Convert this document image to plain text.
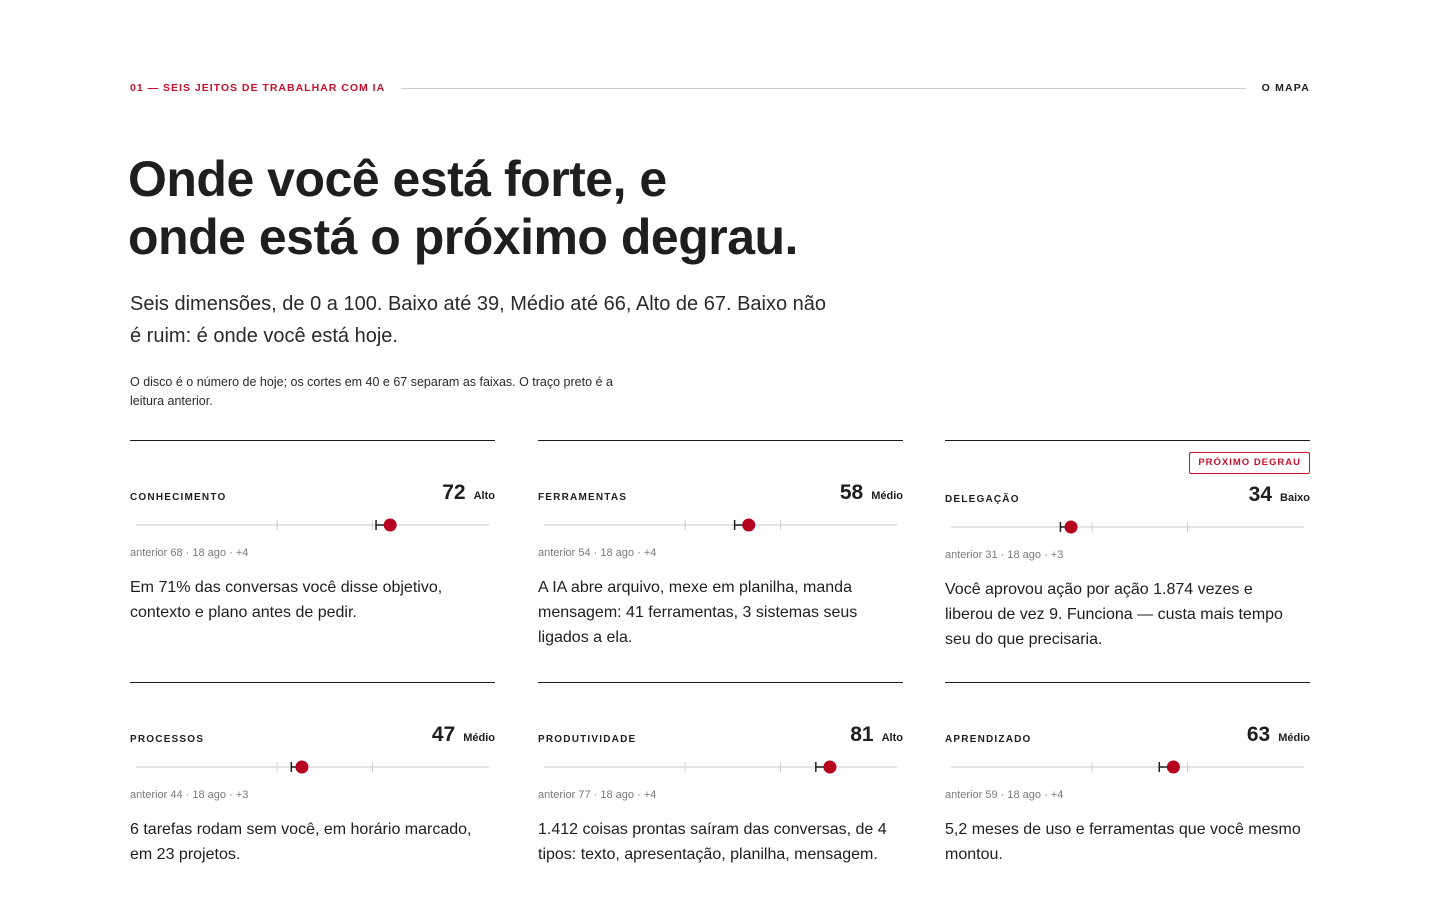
01 — SEIS JEITOS DE TRABALHAR COM IA	O MAPA
Onde você está forte, e
onde está o próximo degrau.

Seis dimensões, de 0 a 100. Baixo até 39, Médio até 66, Alto de 67. Baixo não é ruim: é onde você está hoje.

O disco é o número de hoje; os cortes em 40 e 67 separam as faixas. O traço preto é a leitura anterior.

CONHECIMENTO	72 Alto
anterior 68 · 18 ago · +4

Em 71% das conversas você disse objetivo, contexto e plano antes de pedir.

FERRAMENTAS	58 Médio
anterior 54 · 18 ago · +4

A IA abre arquivo, mexe em planilha, manda mensagem: 41 ferramentas, 3 sistemas seus ligados a ela.

PRÓXIMO DEGRAU
DELEGAÇÃO	34 Baixo
anterior 31 · 18 ago · +3

Você aprovou ação por ação 1.874 vezes e liberou de vez 9. Funciona — custa mais tempo seu do que precisaria.

PROCESSOS	47 Médio
anterior 44 · 18 ago · +3

6 tarefas rodam sem você, em horário marcado, em 23 projetos.

PRODUTIVIDADE	81 Alto
anterior 77 · 18 ago · +4

1.412 coisas prontas saíram das conversas, de 4 tipos: texto, apresentação, planilha, mensagem.

APRENDIZADO	63 Médio
anterior 59 · 18 ago · +4

5,2 meses de uso e ferramentas que você mesmo montou.
